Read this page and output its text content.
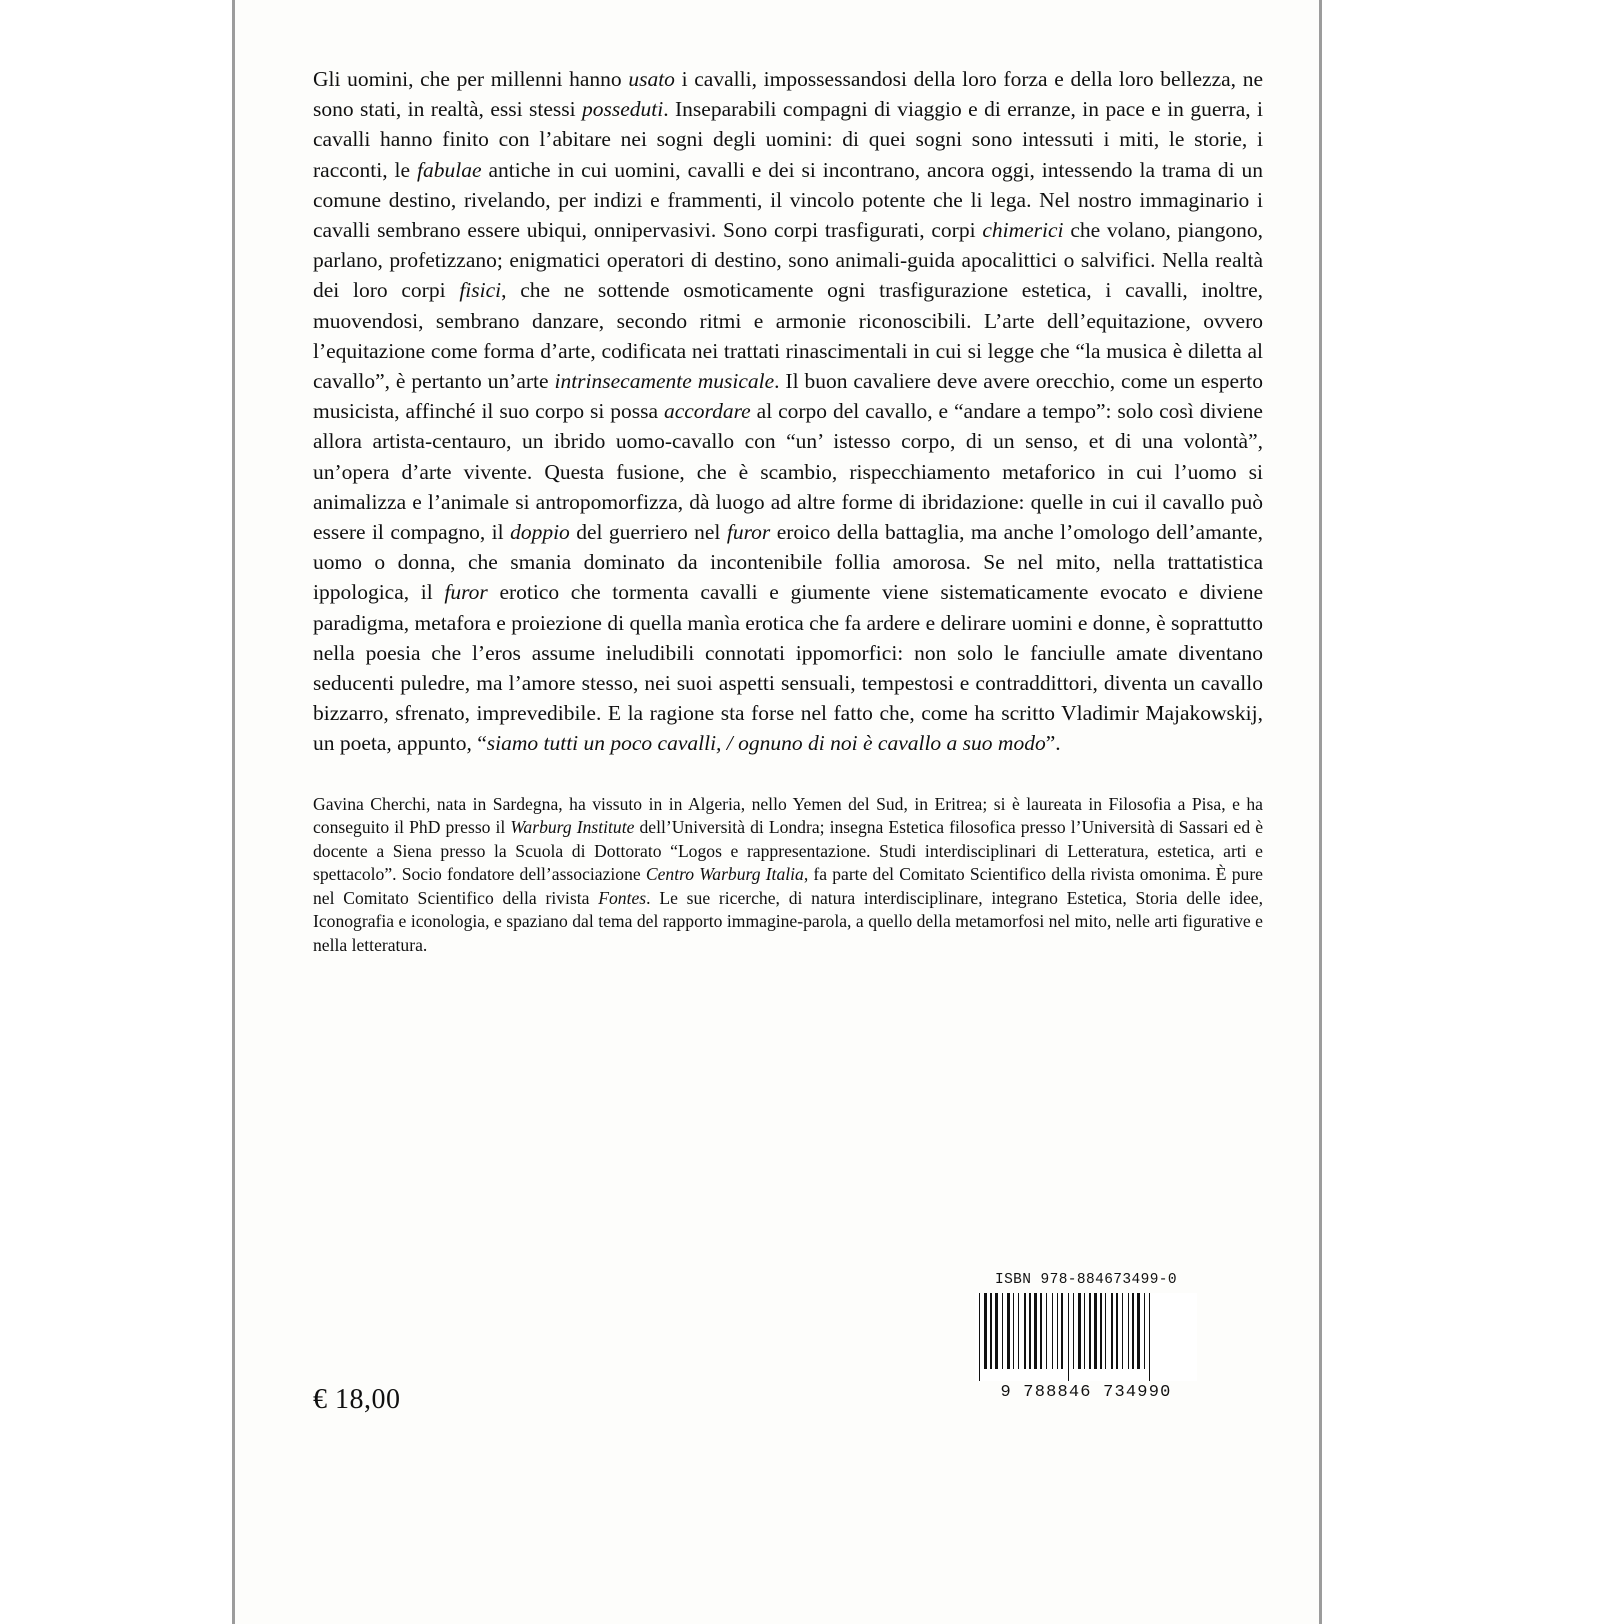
Gli uomini, che per millenni hanno usato i cavalli, impossessandosi della loro forza e della loro bellezza, ne sono stati, in realtà, essi stessi posseduti. Inseparabili compagni di viaggio e di erranze, in pace e in guerra, i cavalli hanno finito con l’abitare nei sogni degli uomini: di quei sogni sono intessuti i miti, le storie, i racconti, le fabulae antiche in cui uomini, cavalli e dei si incontrano, ancora oggi, intessendo la trama di un comune destino, rivelando, per indizi e frammenti, il vincolo potente che li lega. Nel nostro immaginario i cavalli sembrano essere ubiqui, onnipervasivi. Sono corpi trasfigurati, corpi chimerici che volano, piangono, parlano, profetizzano; enigmatici operatori di destino, sono animali-guida apocalittici o salvifici. Nella realtà dei loro corpi fisici, che ne sottende osmoticamente ogni trasfigurazione estetica, i cavalli, inoltre, muovendosi, sembrano danzare, secondo ritmi e armonie riconoscibili. L’arte dell’equitazione, ovvero l’equitazione come forma d’arte, codificata nei trattati rinascimentali in cui si legge che “la musica è diletta al cavallo”, è pertanto un’arte intrinsecamente musicale. Il buon cavaliere deve avere orecchio, come un esperto musicista, affinché il suo corpo si possa accordare al corpo del cavallo, e “andare a tempo”: solo così diviene allora artista-centauro, un ibrido uomo-cavallo con “un’ istesso corpo, di un senso, et di una volontà”, un’opera d’arte vivente. Questa fusione, che è scambio, rispecchiamento metaforico in cui l’uomo si animalizza e l’animale si antropomorfizza, dà luogo ad altre forme di ibridazione: quelle in cui il cavallo può essere il compagno, il doppio del guerriero nel furor eroico della battaglia, ma anche l’omologo dell’amante, uomo o donna, che smania dominato da incontenibile follia amorosa. Se nel mito, nella trattatistica ippologica, il furor erotico che tormenta cavalli e giumente viene sistematicamente evocato e diviene paradigma, metafora e proiezione di quella manìa erotica che fa ardere e delirare uomini e donne, è soprattutto nella poesia che l’eros assume ineludibili connotati ippomorfici: non solo le fanciulle amate diventano seducenti puledre, ma l’amore stesso, nei suoi aspetti sensuali, tempestosi e contraddittori, diventa un cavallo bizzarro, sfrenato, imprevedibile. E la ragione sta forse nel fatto che, come ha scritto Vladimir Majakowskij, un poeta, appunto, “siamo tutti un poco cavalli, / ognuno di noi è cavallo a suo modo”.

Gavina Cherchi, nata in Sardegna, ha vissuto in in Algeria, nello Yemen del Sud, in Eritrea; si è laureata in Filosofia a Pisa, e ha conseguito il PhD presso il Warburg Institute dell’Università di Londra; insegna Estetica filosofica presso l’Università di Sassari ed è docente a Siena presso la Scuola di Dottorato “Logos e rappresentazione. Studi interdisciplinari di Letteratura, estetica, arti e spettacolo”. Socio fondatore dell’associazione Centro Warburg Italia, fa parte del Comitato Scientifico della rivista omonima. È pure nel Comitato Scientifico della rivista Fontes. Le sue ricerche, di natura interdisciplinare, integrano Estetica, Storia delle idee, Iconografia e iconologia, e spaziano dal tema del rapporto immagine-parola, a quello della metamorfosi nel mito, nelle arti figurative e nella letteratura.

ISBN 978-884673499-0
9 788846 734990
€ 18,00
